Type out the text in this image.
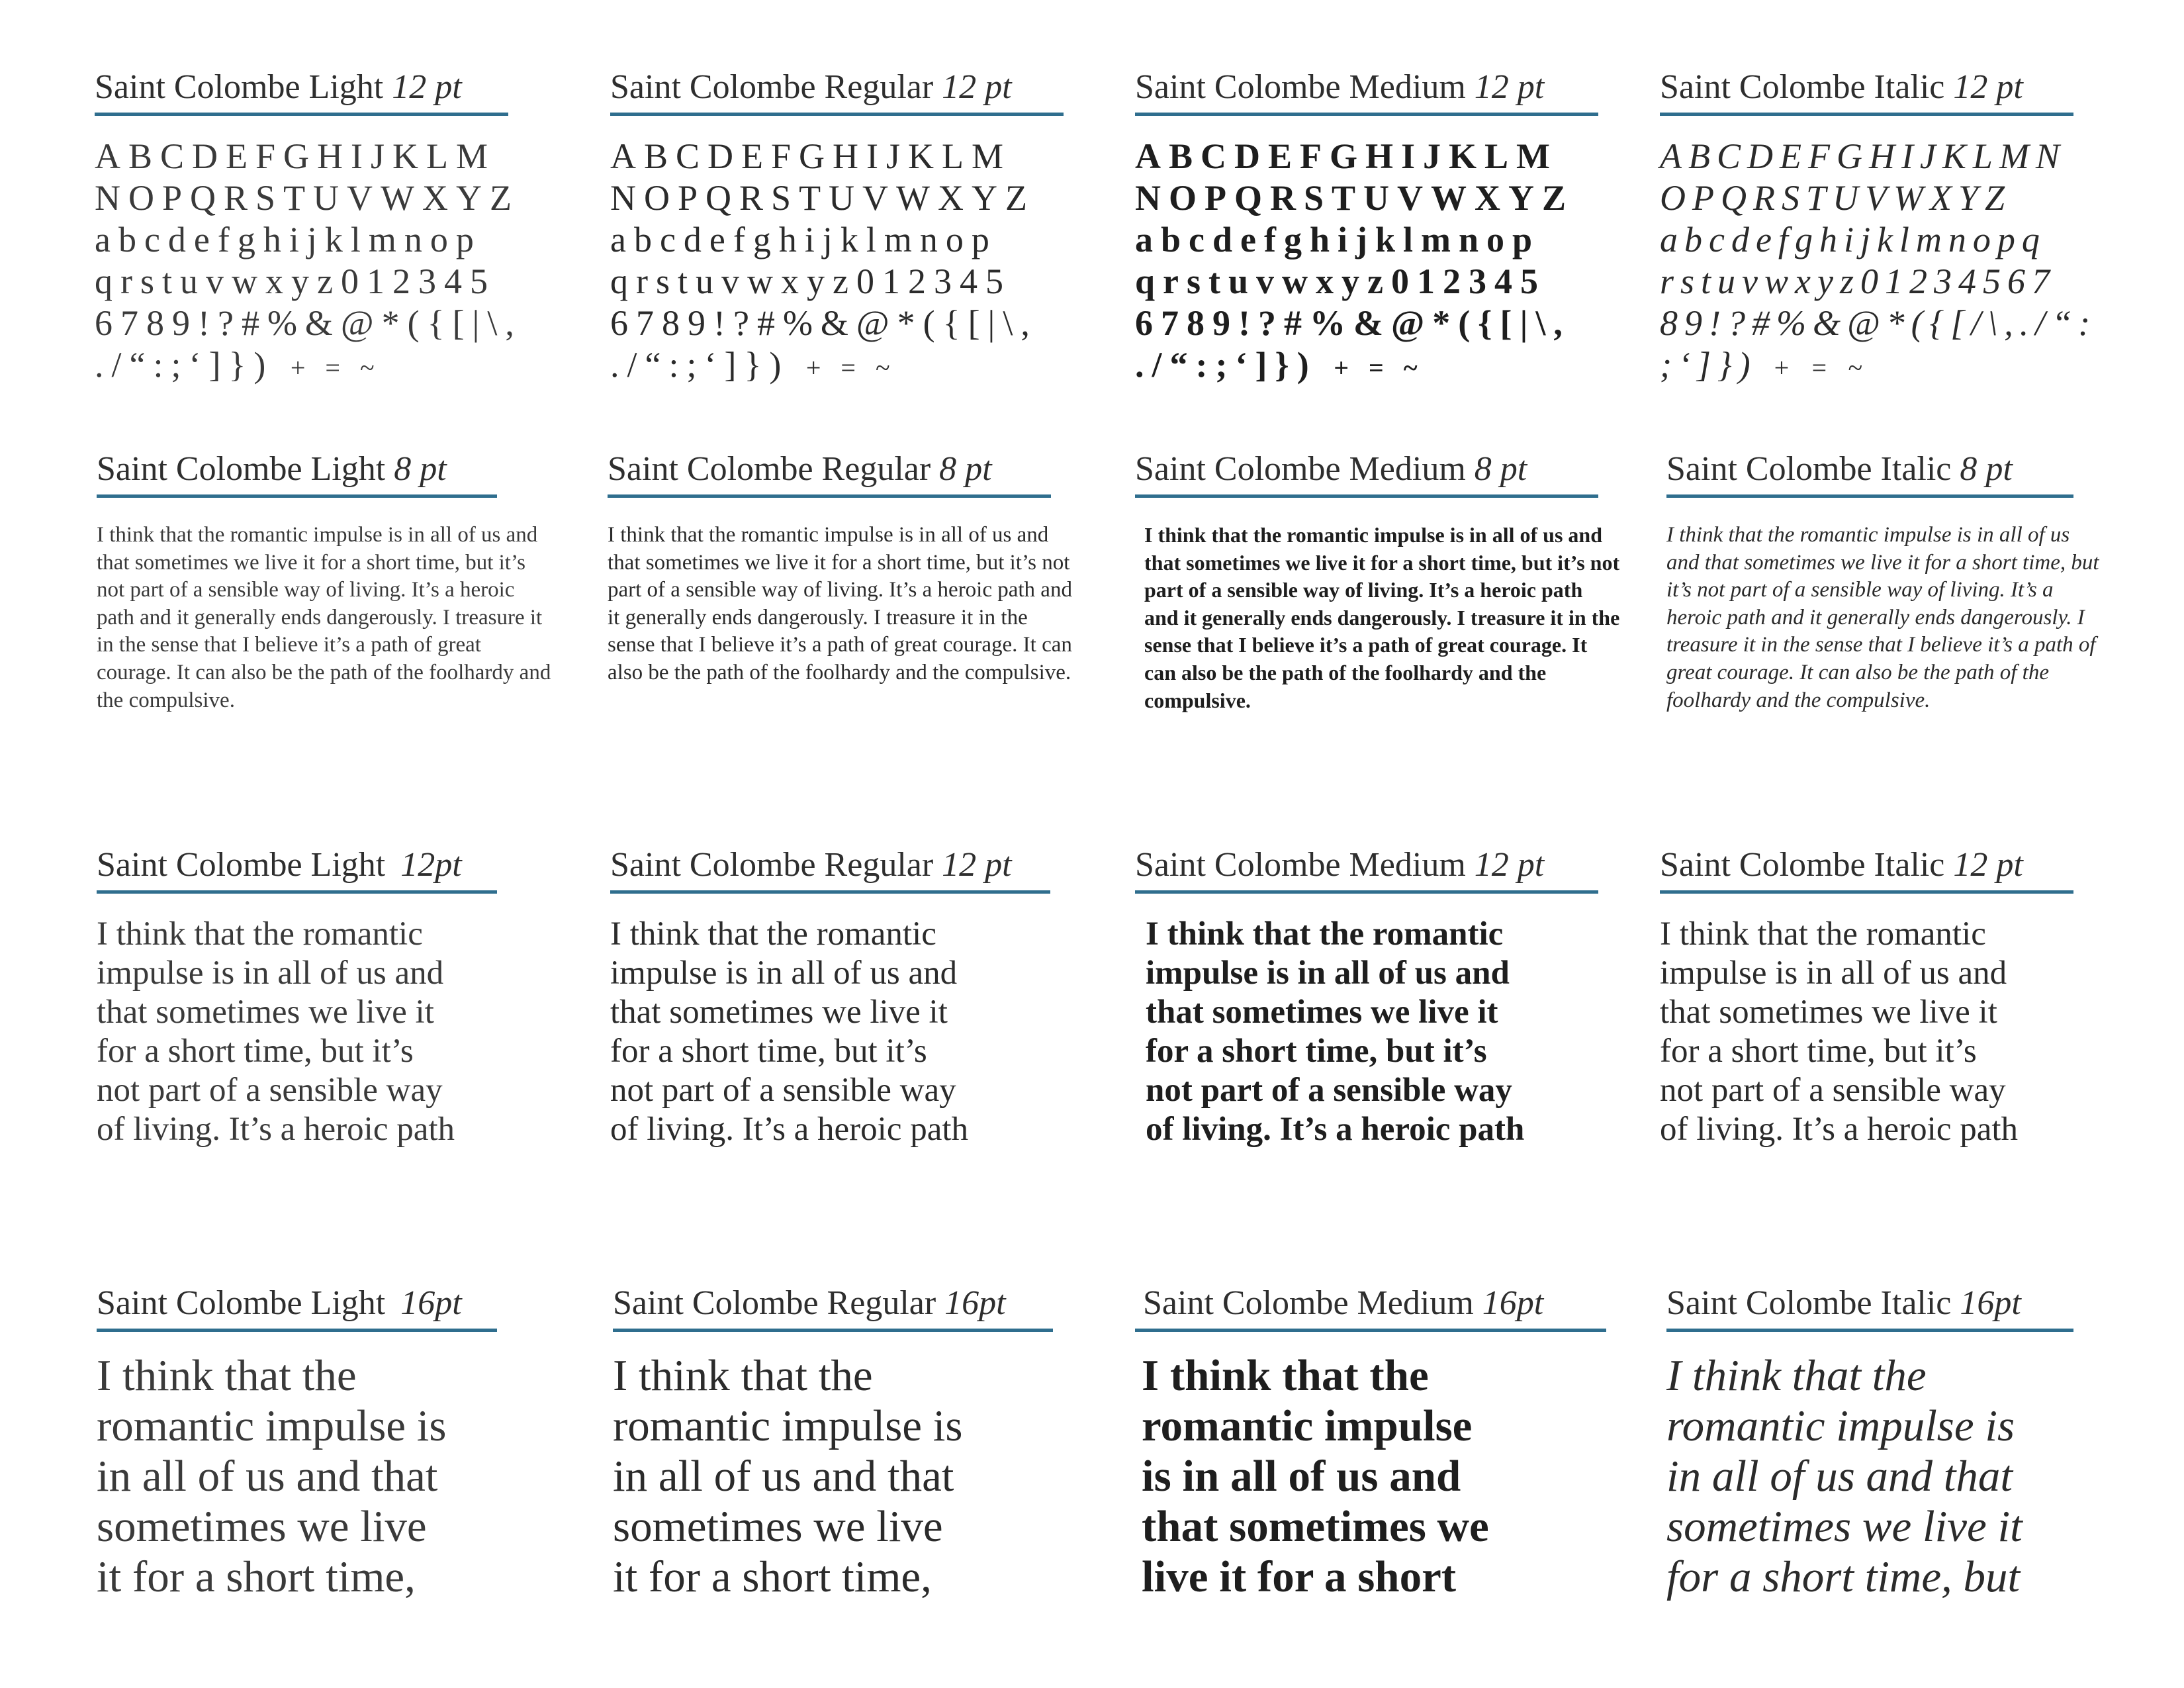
Saint Colombe Light 12 pt
ABCDEFGHIJKLM
NOPQRSTUVWXYZ
abcdefghijklmnop
qrstuvwxyz012345
6789!?#%&@*({[|\,
./“:;‘]}) + = ~
Saint Colombe Regular 12 pt
ABCDEFGHIJKLM
NOPQRSTUVWXYZ
abcdefghijklmnop
qrstuvwxyz012345
6789!?#%&@*({[|\,
./“:;‘]}) + = ~
Saint Colombe Medium 12 pt
ABCDEFGHIJKLM
NOPQRSTUVWXYZ
abcdefghijklmnop
qrstuvwxyz012345
6789!?#%&@*({[|\,
./“:;‘]}) + = ~
Saint Colombe Italic 12 pt
ABCDEFGHIJKLMN
OPQRSTUVWXYZ
abcdefghijklmnopq
rstuvwxyz01234567
89!?#%&@*({[/\,./“:
;‘]}) + = ~
Saint Colombe Light 8 pt
I think that the romantic impulse is in all of us and that sometimes we live it for a short time, but it’s not part of a sensible way of living. It’s a heroic path and it generally ends dangerously. I treasure it in the sense that I believe it’s a path of great courage. It can also be the path of the foolhardy and the compulsive.
Saint Colombe Regular 8 pt
I think that the romantic impulse is in all of us and that sometimes we live it for a short time, but it’s not part of a sensible way of living. It’s a heroic path and it generally ends dangerously. I treasure it in the sense that I believe it’s a path of great courage. It can also be the path of the foolhardy and the compulsive.
Saint Colombe Medium 8 pt
I think that the romantic impulse is in all of us and that sometimes we live it for a short time, but it’s not part of a sensible way of living. It’s a heroic path and it generally ends dangerously. I treasure it in the sense that I believe it’s a path of great courage. It can also be the path of the foolhardy and the compulsive.
Saint Colombe Italic 8 pt
I think that the romantic impulse is in all of us and that sometimes we live it for a short time, but it’s not part of a sensible way of living. It’s a heroic path and it generally ends dangerously. I treasure it in the sense that I believe it’s a path of great courage. It can also be the path of the foolhardy and the compulsive.
Saint Colombe Light 12pt
I think that the romantic
impulse is in all of us and
that sometimes we live it
for a short time, but it’s
not part of a sensible way
of living. It’s a heroic path
Saint Colombe Regular 12 pt
I think that the romantic
impulse is in all of us and
that sometimes we live it
for a short time, but it’s
not part of a sensible way
of living. It’s a heroic path
Saint Colombe Medium 12 pt
I think that the romantic
impulse is in all of us and
that sometimes we live it
for a short time, but it’s
not part of a sensible way
of living. It’s a heroic path
Saint Colombe Italic 12 pt
I think that the romantic
impulse is in all of us and
that sometimes we live it
for a short time, but it’s
not part of a sensible way
of living. It’s a heroic path
Saint Colombe Light 16pt
I think that the
romantic impulse is
in all of us and that
sometimes we live
it for a short time,
Saint Colombe Regular 16pt
I think that the
romantic impulse is
in all of us and that
sometimes we live
it for a short time,
Saint Colombe Medium 16pt
I think that the
romantic impulse
is in all of us and
that sometimes we
live it for a short
Saint Colombe Italic 16pt
I think that the
romantic impulse is
in all of us and that
sometimes we live it
for a short time, but
